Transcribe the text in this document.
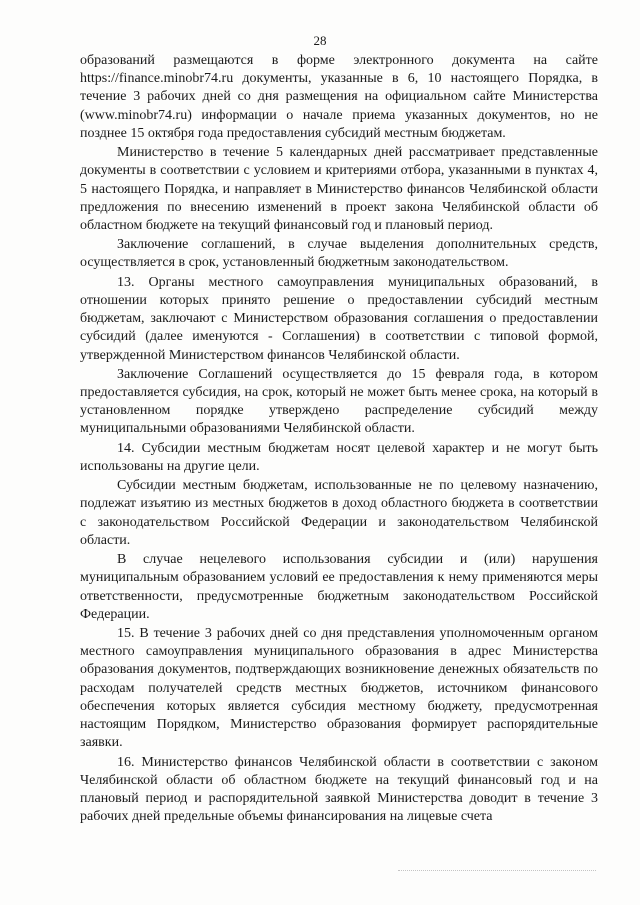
28

образований размещаются в форме электронного документа на сайте https://finance.minobr74.ru документы, указанные в 6, 10 настоящего Порядка, в течение 3 рабочих дней со дня размещения на официальном сайте Министерства (www.minobr74.ru) информации о начале приема указанных документов, но не позднее 15 октября года предоставления субсидий местным бюджетам.

Министерство в течение 5 календарных дней рассматривает представленные документы в соответствии с условием и критериями отбора, указанными в пунктах 4, 5 настоящего Порядка, и направляет в Министерство финансов Челябинской области предложения по внесению изменений в проект закона Челябинской области об областном бюджете на текущий финансовый год и плановый период.

Заключение соглашений, в случае выделения дополнительных средств, осуществляется в срок, установленный бюджетным законодательством.

13. Органы местного самоуправления муниципальных образований, в отношении которых принято решение о предоставлении субсидий местным бюджетам, заключают с Министерством образования соглашения о предоставлении субсидий (далее именуются - Соглашения) в соответствии с типовой формой, утвержденной Министерством финансов Челябинской области.

Заключение Соглашений осуществляется до 15 февраля года, в котором предоставляется субсидия, на срок, который не может быть менее срока, на который в установленном порядке утверждено распределение субсидий между муниципальными образованиями Челябинской области.

14. Субсидии местным бюджетам носят целевой характер и не могут быть использованы на другие цели.

Субсидии местным бюджетам, использованные не по целевому назначению, подлежат изъятию из местных бюджетов в доход областного бюджета в соответствии с законодательством Российской Федерации и законодательством Челябинской области.

В случае нецелевого использования субсидии и (или) нарушения муниципальным образованием условий ее предоставления к нему применяются меры ответственности, предусмотренные бюджетным законодательством Российской Федерации.

15. В течение 3 рабочих дней со дня представления уполномоченным органом местного самоуправления муниципального образования в адрес Министерства образования документов, подтверждающих возникновение денежных обязательств по расходам получателей средств местных бюджетов, источником финансового обеспечения которых является субсидия местному бюджету, предусмотренная настоящим Порядком, Министерство образования формирует распорядительные заявки.

16. Министерство финансов Челябинской области в соответствии с законом Челябинской области об областном бюджете на текущий финансовый год и на плановый период и распорядительной заявкой Министерства доводит в течение 3 рабочих дней предельные объемы финансирования на лицевые счета
